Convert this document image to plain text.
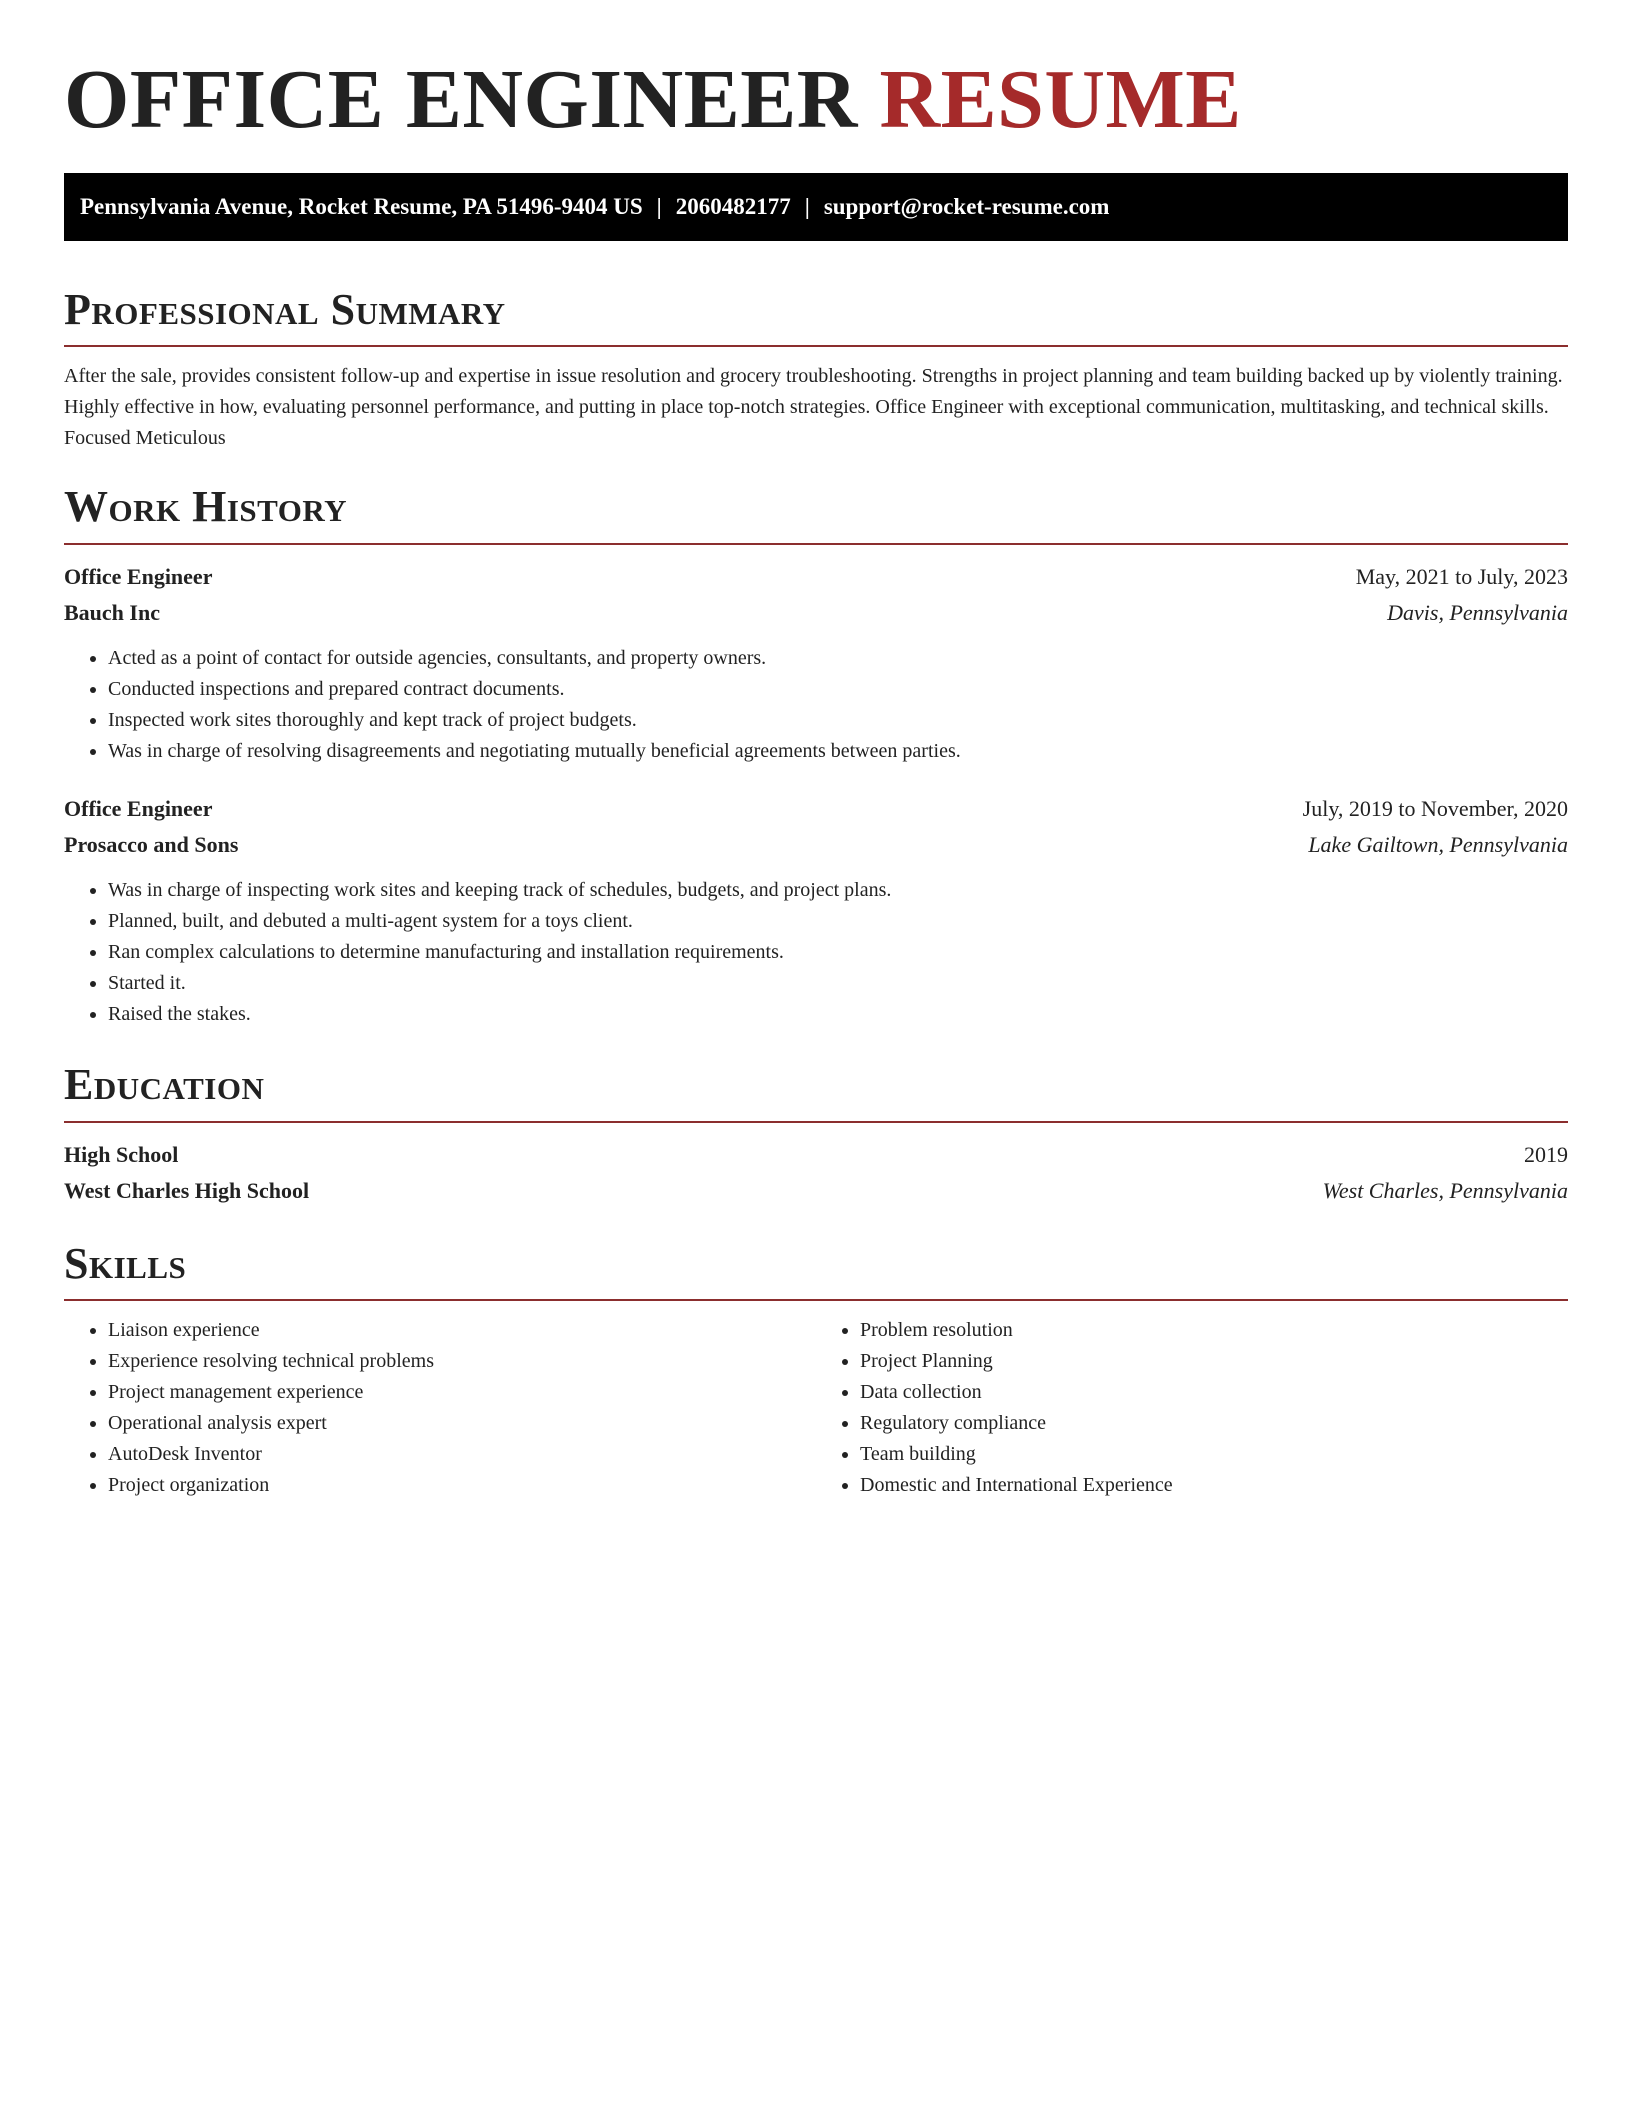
OFFICE ENGINEER RESUME
Pennsylvania Avenue, Rocket Resume, PA 51496-9404 US | 2060482177 | support@rocket-resume.com
Professional Summary

After the sale, provides consistent follow-up and expertise in issue resolution and grocery troubleshooting. Strengths in project planning and team building backed up by violently training. Highly effective in how, evaluating personnel performance, and putting in place top-notch strategies. Office Engineer with exceptional communication, multitasking, and technical skills. Focused Meticulous

Work History
Office Engineer	May, 2021 to July, 2023
Bauch Inc	Davis, Pennsylvania
• Acted as a point of contact for outside agencies, consultants, and property owners.
• Conducted inspections and prepared contract documents.
• Inspected work sites thoroughly and kept track of project budgets.
• Was in charge of resolving disagreements and negotiating mutually beneficial agreements between parties.
Office Engineer	July, 2019 to November, 2020
Prosacco and Sons	Lake Gailtown, Pennsylvania
• Was in charge of inspecting work sites and keeping track of schedules, budgets, and project plans.
• Planned, built, and debuted a multi-agent system for a toys client.
• Ran complex calculations to determine manufacturing and installation requirements.
• Started it.
• Raised the stakes.
Education
High School	2019
West Charles High School	West Charles, Pennsylvania
Skills
• Liaison experience
• Experience resolving technical problems
• Project management experience
• Operational analysis expert
• AutoDesk Inventor
• Project organization
• Problem resolution
• Project Planning
• Data collection
• Regulatory compliance
• Team building
• Domestic and International Experience
